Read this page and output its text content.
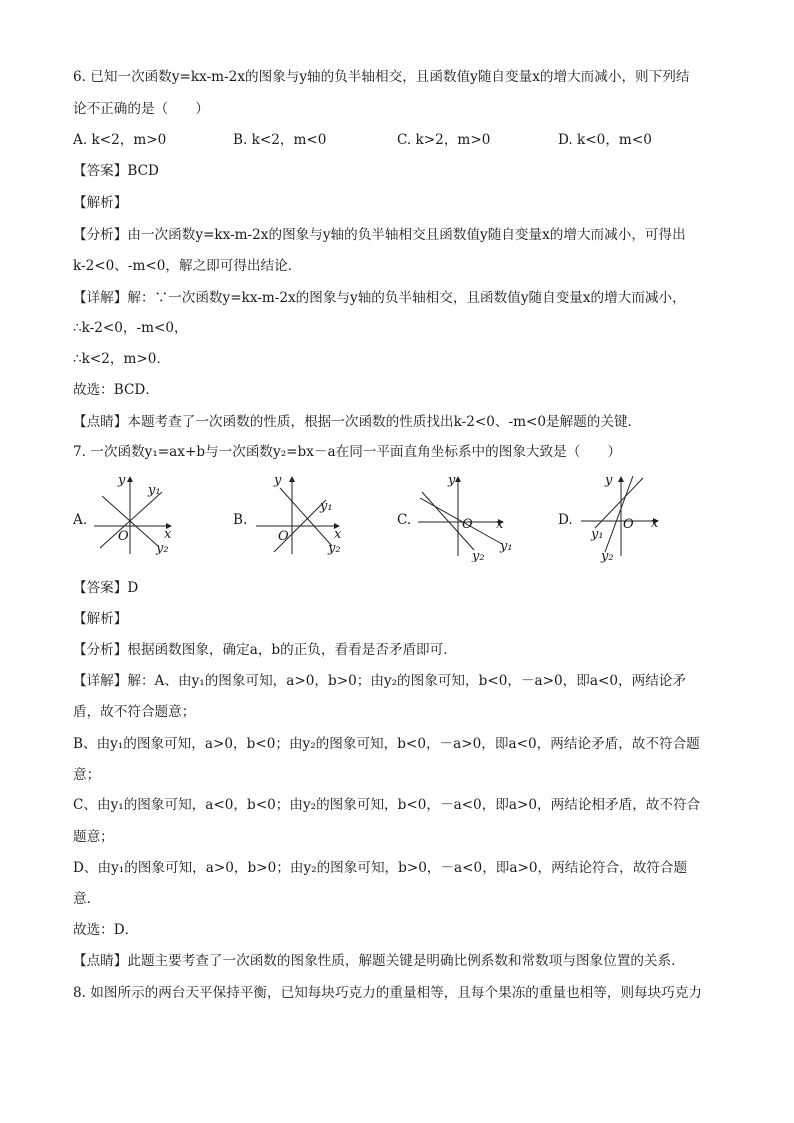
6. 已知一次函数y=kx-m-2x的图象与y轴的负半轴相交，且函数值y随自变量x的增大而减小，则下列结
论不正确的是（　　）
A. k<2，m>0	B. k<2，m<0	C. k>2，m>0	D. k<0，m<0
【答案】BCD
【解析】
【分析】由一次函数y=kx-m-2x的图象与y轴的负半轴相交且函数值y随自变量x的增大而减小，可得出
k-2<0、-m<0，解之即可得出结论．
【详解】解：∵一次函数y=kx-m-2x的图象与y轴的负半轴相交，且函数值y随自变量x的增大而减小，
∴k-2<0，-m<0，
∴k<2，m>0．
故选：BCD．
【点睛】本题考查了一次函数的性质，根据一次函数的性质找出k-2<0、-m<0是解题的关键．
7. 一次函数y₁=ax+b与一次函数y₂=bx－a在同一平面直角坐标系中的图象大致是（　　）
A.
y
y₁
x
O
y₂
B.
y
y₁
x
O
y₂
C.
y
x
O
y₁
y₂
D.
y
x
O
y₁
y₂
【答案】D
【解析】
【分析】根据函数图象，确定a，b的正负，看看是否矛盾即可．
【详解】解：A、由y₁的图象可知，a>0，b>0；由y₂的图象可知，b<0，－a>0，即a<0，两结论矛
盾，故不符合题意；
B、由y₁的图象可知，a>0，b<0；由y₂的图象可知，b<0，－a>0，即a<0，两结论矛盾，故不符合题
意；
C、由y₁的图象可知，a<0，b<0；由y₂的图象可知，b<0，－a<0，即a>0，两结论相矛盾，故不符合
题意；
D、由y₁的图象可知，a>0，b>0；由y₂的图象可知，b>0，－a<0，即a>0，两结论符合，故符合题
意．
故选：D．
【点睛】此题主要考查了一次函数的图象性质，解题关键是明确比例系数和常数项与图象位置的关系．
8. 如图所示的两台天平保持平衡，已知每块巧克力的重量相等，且每个果冻的重量也相等，则每块巧克力
